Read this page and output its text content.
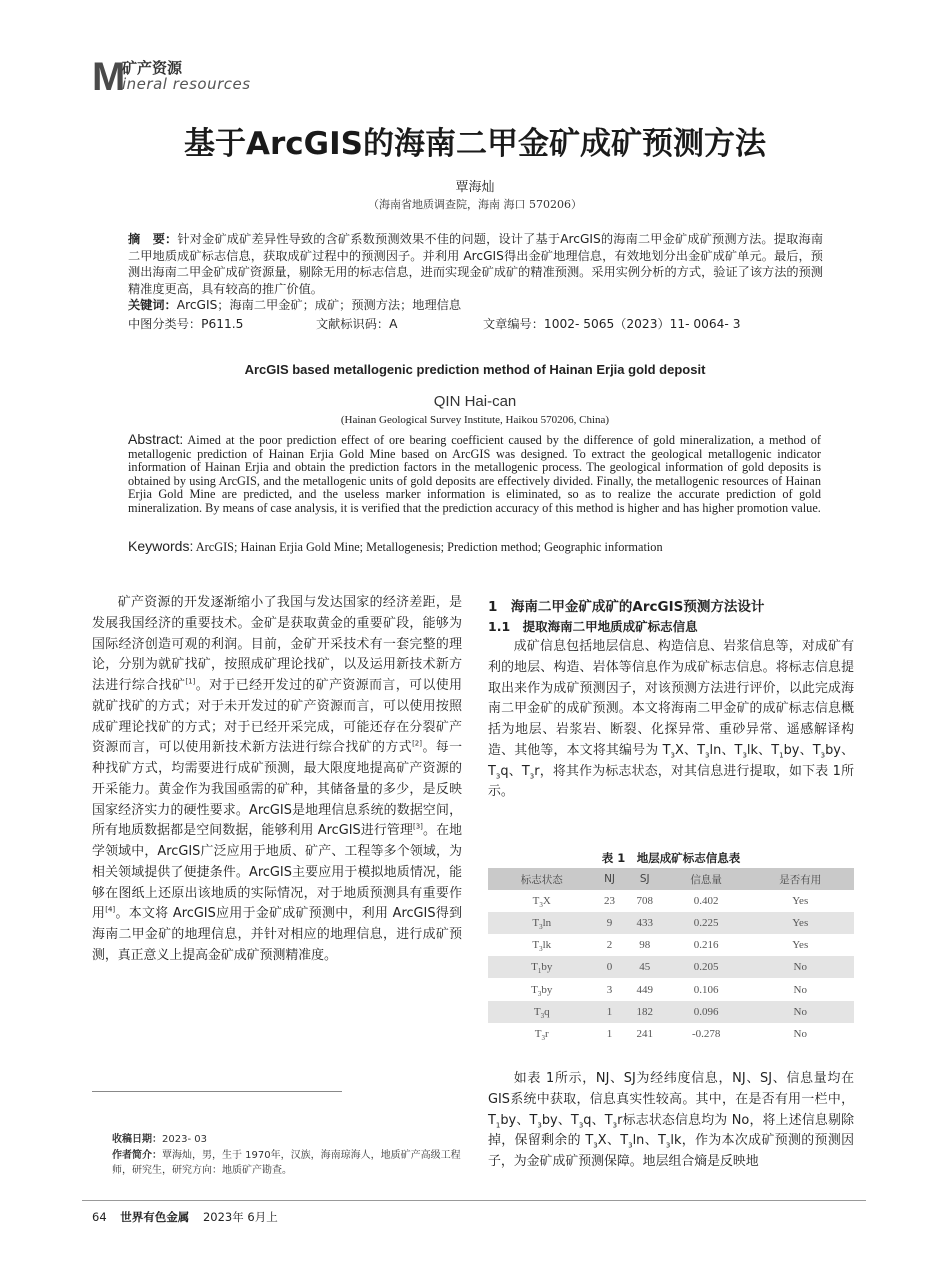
M
矿产资源
ineral resources
基于ArcGIS的海南二甲金矿成矿预测方法
覃海灿
（海南省地质调查院，海南 海口 570206）
摘　要：针对金矿成矿差异性导致的含矿系数预测效果不佳的问题，设计了基于ArcGIS的海南二甲金矿成矿预测方法。提取海南二甲地质成矿标志信息，获取成矿过程中的预测因子。并利用 ArcGIS得出金矿地理信息，有效地划分出金矿成矿单元。最后，预测出海南二甲金矿成矿资源量，剔除无用的标志信息，进而实现金矿成矿的精准预测。采用实例分析的方式，验证了该方法的预测精准度更高，具有较高的推广价值。
关键词：ArcGIS；海南二甲金矿；成矿；预测方法；地理信息
中图分类号：P611.5	文献标识码：A	文章编号：1002- 5065（2023）11- 0064- 3
ArcGIS based metallogenic prediction method of Hainan Erjia gold deposit
QIN Hai-can
(Hainan Geological Survey Institute, Haikou 570206, China)
Abstract: Aimed at the poor prediction effect of ore bearing coefficient caused by the difference of gold mineralization, a method of metallogenic prediction of Hainan Erjia Gold Mine based on ArcGIS was designed. To extract the geological metallogenic indicator information of Hainan Erjia and obtain the prediction factors in the metallogenic process. The geological information of gold deposits is obtained by using ArcGIS, and the metallogenic units of gold deposits are effectively divided. Finally, the metallogenic resources of Hainan Erjia Gold Mine are predicted, and the useless marker information is eliminated, so as to realize the accurate prediction of gold mineralization. By means of case analysis, it is verified that the prediction accuracy of this method is higher and has higher promotion value.
Keywords: ArcGIS; Hainan Erjia Gold Mine; Metallogenesis; Prediction method; Geographic information

矿产资源的开发逐渐缩小了我国与发达国家的经济差距，是发展我国经济的重要技术。金矿是获取黄金的重要矿段，能够为国际经济创造可观的利润。目前，金矿开采技术有一套完整的理论，分别为就矿找矿，按照成矿理论找矿，以及运用新技术新方法进行综合找矿[1]。对于已经开发过的矿产资源而言，可以使用就矿找矿的方式；对于未开发过的矿产资源而言，可以使用按照成矿理论找矿的方式；对于已经开采完成，可能还存在分裂矿产资源而言，可以使用新技术新方法进行综合找矿的方式[2]。每一种找矿方式，均需要进行成矿预测，最大限度地提高矿产资源的开采能力。黄金作为我国亟需的矿种，其储备量的多少，是反映国家经济实力的硬性要求。ArcGIS是地理信息系统的数据空间，所有地质数据都是空间数据，能够利用 ArcGIS进行管理[3]。在地学领域中，ArcGIS广泛应用于地质、矿产、工程等多个领域，为相关领域提供了便捷条件。ArcGIS主要应用于模拟地质情况，能够在图纸上还原出该地质的实际情况，对于地质预测具有重要作用[4]。本文将 ArcGIS应用于金矿成矿预测中，利用 ArcGIS得到海南二甲金矿的地理信息，并针对相应的地理信息，进行成矿预测，真正意义上提高金矿成矿预测精准度。

收稿日期：2023- 03
作者简介：覃海灿，男，生于 1970年，汉族，海南琼海人，地质矿产高级工程师，研究生，研究方向：地质矿产勘查。
1　海南二甲金矿成矿的ArcGIS预测方法设计
1.1　提取海南二甲地质成矿标志信息

成矿信息包括地层信息、构造信息、岩浆信息等，对成矿有利的地层、构造、岩体等信息作为成矿标志信息。将标志信息提取出来作为成矿预测因子，对该预测方法进行评价，以此完成海南二甲金矿的成矿预测。本文将海南二甲金矿的成矿标志信息概括为地层、岩浆岩、断裂、化探异常、重砂异常、遥感解译构造、其他等，本文将其编号为 $T_3X$、$T_3\ln$、$T_3lk$、$T_1by$、$T_3by$、$T_3q$、$T_3r$，将其作为标志状态，对其信息进行提取，如下表 1所示。

表 1　地层成矿标志信息表
标志状态	NJ	SJ	信息量	是否有用
$T_3X$	23	708	0.402	Yes
$T_3\ln$	9	433	0.225	Yes
$T_3lk$	2	98	0.216	Yes
$T_1by$	0	45	0.205	No
$T_3by$	3	449	0.106	No
$T_3q$	1	182	0.096	No
$T_3r$	1	241	-0.278	No

如表 1所示，NJ、SJ为经纬度信息，NJ、SJ、信息量均在 GIS系统中获取，信息真实性较高。其中，在是否有用一栏中，$T_1by$、$T_3by$、$T_3q$、$T_3r$标志状态信息均为 No，将上述信息剔除掉，保留剩余的 $T_3X$、$T_3\ln$、$T_3lk$，作为本次成矿预测的预测因子，为金矿成矿预测保障。地层组合熵是反映地

64 世界有色金属 2023年 6月上
